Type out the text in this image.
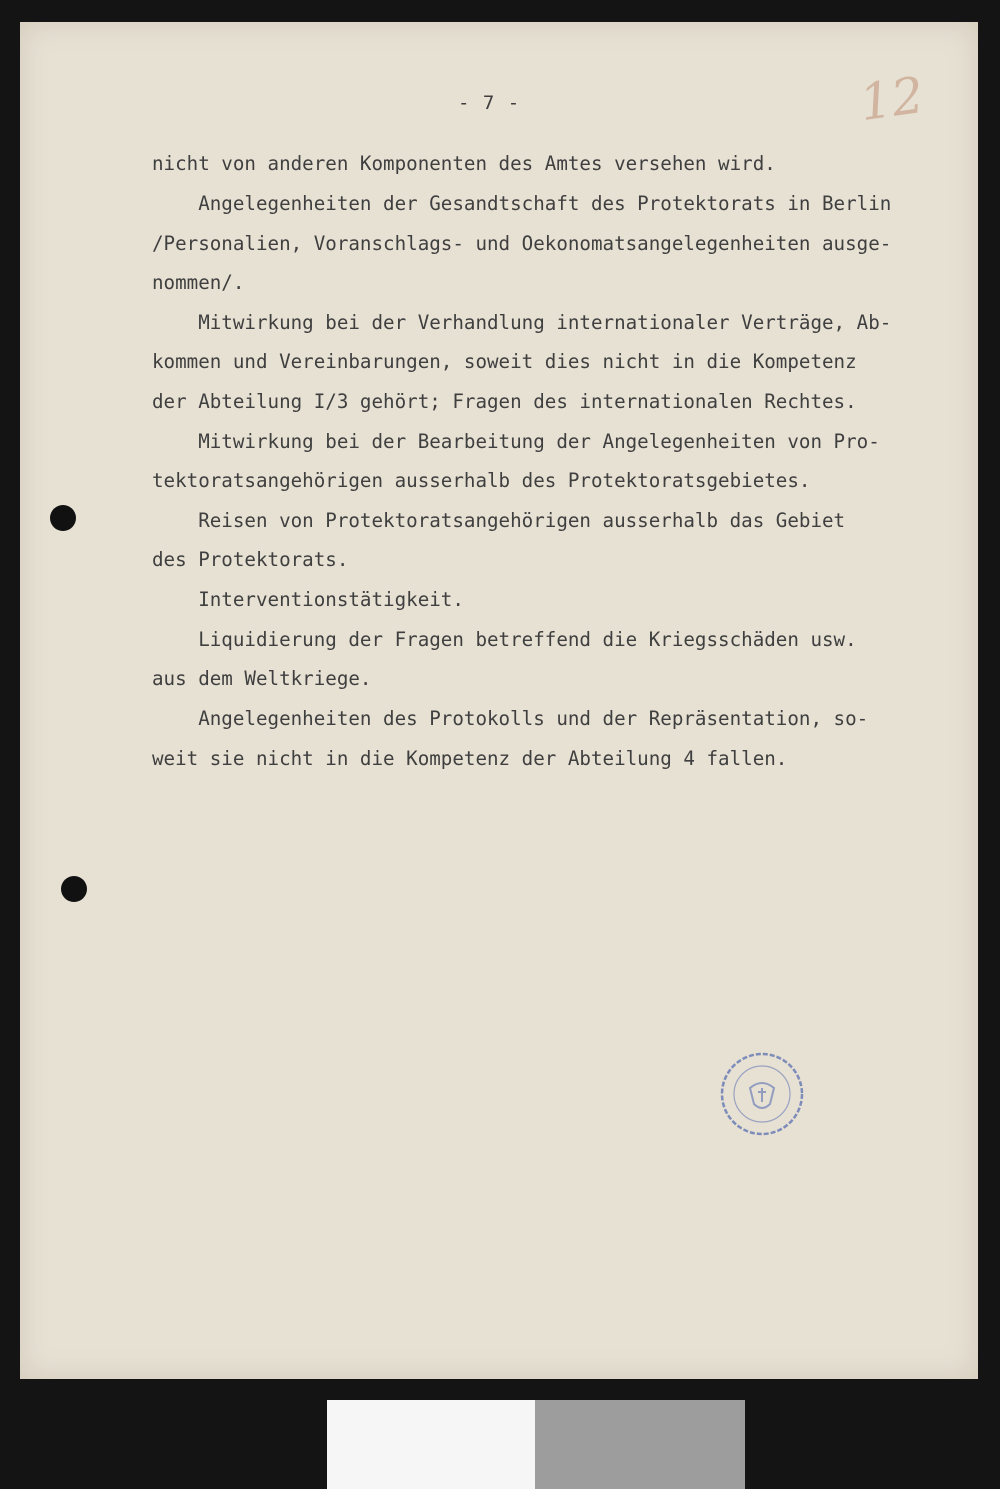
- 7 -	12
nicht von anderen Komponenten des Amtes versehen wird.
Angelegenheiten der Gesandtschaft des Protektorats in Berlin
/Personalien, Voranschlags- und Oekonomatsangelegenheiten ausge-
nommen/.
Mitwirkung bei der Verhandlung internationaler Verträge, Ab-
kommen und Vereinbarungen, soweit dies nicht in die Kompetenz
der Abteilung I/3 gehört; Fragen des internationalen Rechtes.
Mitwirkung bei der Bearbeitung der Angelegenheiten von Pro-
tektoratsangehörigen ausserhalb des Protektoratsgebietes.
Reisen von Protektoratsangehörigen ausserhalb das Gebiet
des Protektorats.
Interventionstätigkeit.
Liquidierung der Fragen betreffend die Kriegsschäden usw.
aus dem Weltkriege.
Angelegenheiten des Protokolls und der Repräsentation, so-
weit sie nicht in die Kompetenz der Abteilung 4 fallen.
